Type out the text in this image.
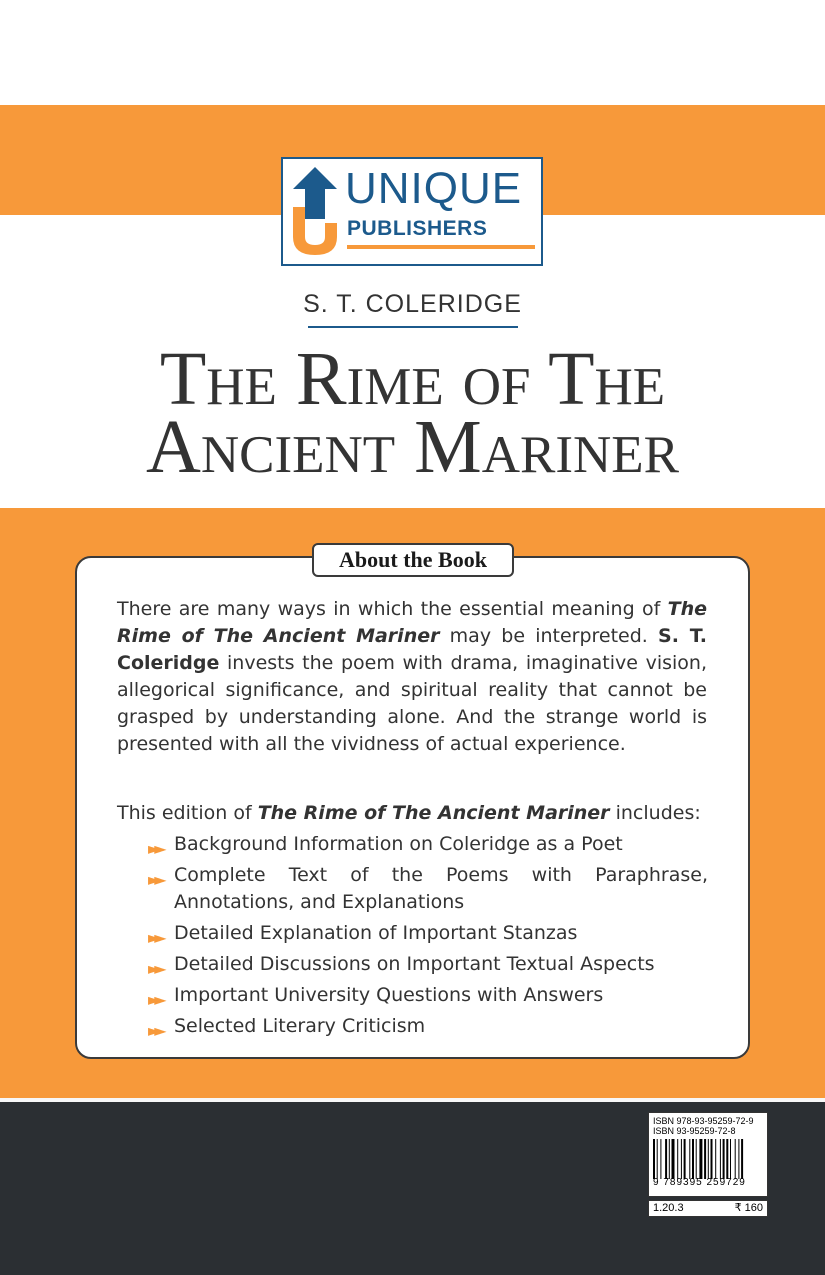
UNIQUE
PUBLISHERS
S. T. COLERIDGE
The Rime of The
Ancient Mariner
About the Book
There are many ways in which the essential meaning of The Rime of The Ancient Mariner may be interpreted. S. T. Coleridge invests the poem with drama, imaginative vision, allegorical significance, and spiritual reality that cannot be grasped by understanding alone. And the strange world is presented with all the vividness of actual experience.
This edition of The Rime of The Ancient Mariner includes:
►► Background Information on Coleridge as a Poet
►► Complete Text of the Poems with Paraphrase, Annotations, and Explanations
►► Detailed Explanation of Important Stanzas
►► Detailed Discussions on Important Textual Aspects
►► Important University Questions with Answers
►► Selected Literary Criticism
ISBN 978-93-95259-72-9
ISBN 93-95259-72-8
9 789395 259729
1.20.3	₹ 160
